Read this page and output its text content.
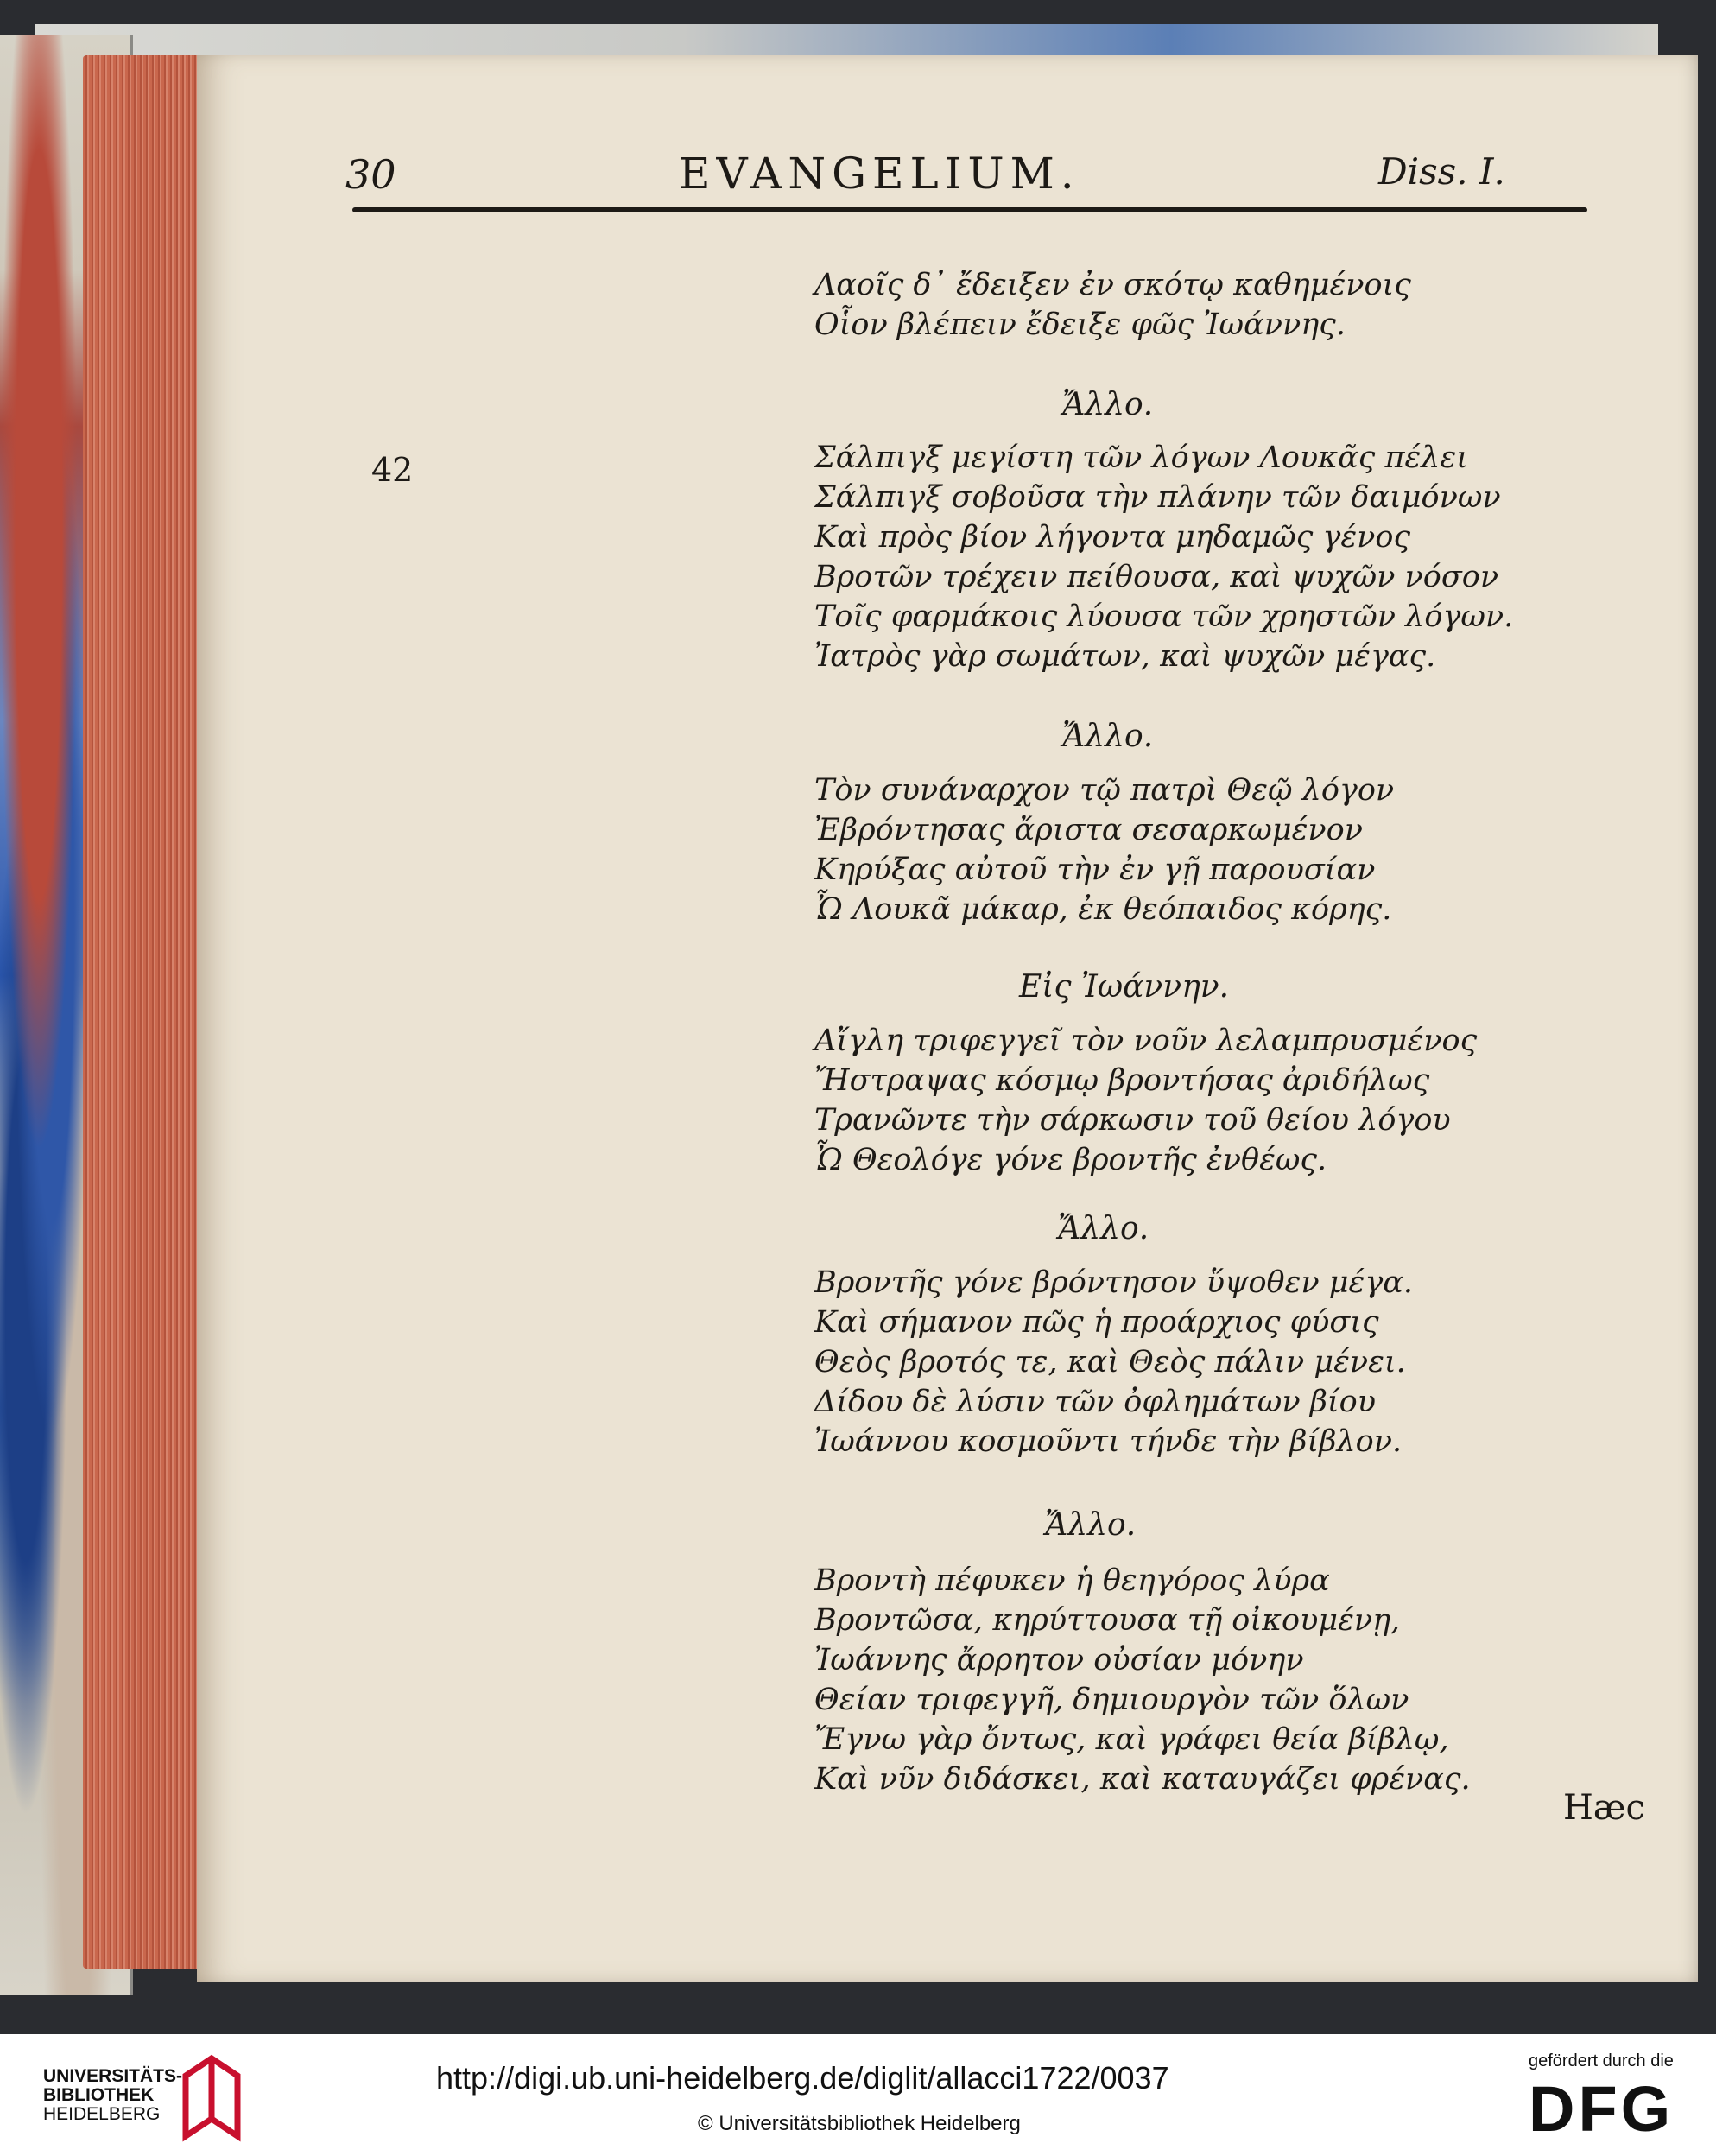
30	EVANGELIUM.	Diss. I.
42
Λαοῖς δ᾽ ἔδειξεν ἐν σκότῳ καθημένοις
Οἷον βλέπειν ἔδειξε φῶς Ἰωάννης.
Ἄλλο.
Σάλπιγξ μεγίστη τῶν λόγων Λουκᾶς πέλει
Σάλπιγξ σοβοῦσα τὴν πλάνην τῶν δαιμόνων
Καὶ πρὸς βίον λήγοντα μηδαμῶς γένος
Βροτῶν τρέχειν πείθουσα, καὶ ψυχῶν νόσον
Τοῖς φαρμάκοις λύουσα τῶν χρηστῶν λόγων.
Ἰατρὸς γὰρ σωμάτων, καὶ ψυχῶν μέγας.
Ἄλλο.
Τὸν συνάναρχον τῷ πατρὶ Θεῷ λόγον
Ἐβρόντησας ἄριστα σεσαρκωμένον
Κηρύξας αὐτοῦ τὴν ἐν γῇ παρουσίαν
Ὦ Λουκᾶ μάκαρ, ἐκ θεόπαιδος κόρης.
Εἰς Ἰωάννην.
Αἴγλη τριφεγγεῖ τὸν νοῦν λελαμπρυσμένος
Ἤστραψας κόσμῳ βροντήσας ἀριδήλως
Τρανῶντε τὴν σάρκωσιν τοῦ θείου λόγου
Ὦ Θεολόγε γόνε βροντῆς ἐνθέως.
Ἄλλο.
Βροντῆς γόνε βρόντησον ὕψοθεν μέγα.
Καὶ σήμανον πῶς ἡ προάρχιος φύσις
Θεὸς βροτός τε, καὶ Θεὸς πάλιν μένει.
Δίδου δὲ λύσιν τῶν ὀφλημάτων βίου
Ἰωάννου κοσμοῦντι τήνδε τὴν βίβλον.
Ἄλλο.
Βροντὴ πέφυκεν ἡ θεηγόρος λύρα
Βροντῶσα, κηρύττουσα τῇ οἰκουμένῃ,
Ἰωάννης ἄρρητον οὐσίαν μόνην
Θείαν τριφεγγῆ, δημιουργὸν τῶν ὅλων
Ἔγνω γὰρ ὄντως, καὶ γράφει θεία βίβλῳ,
Καὶ νῦν διδάσκει, καὶ καταυγάζει φρένας.
Hæc
UNIVERSITÄTS-
BIBLIOTHEK
HEIDELBERG
http://digi.ub.uni-heidelberg.de/diglit/allacci1722/0037
© Universitätsbibliothek Heidelberg
gefördert durch die
DFG
